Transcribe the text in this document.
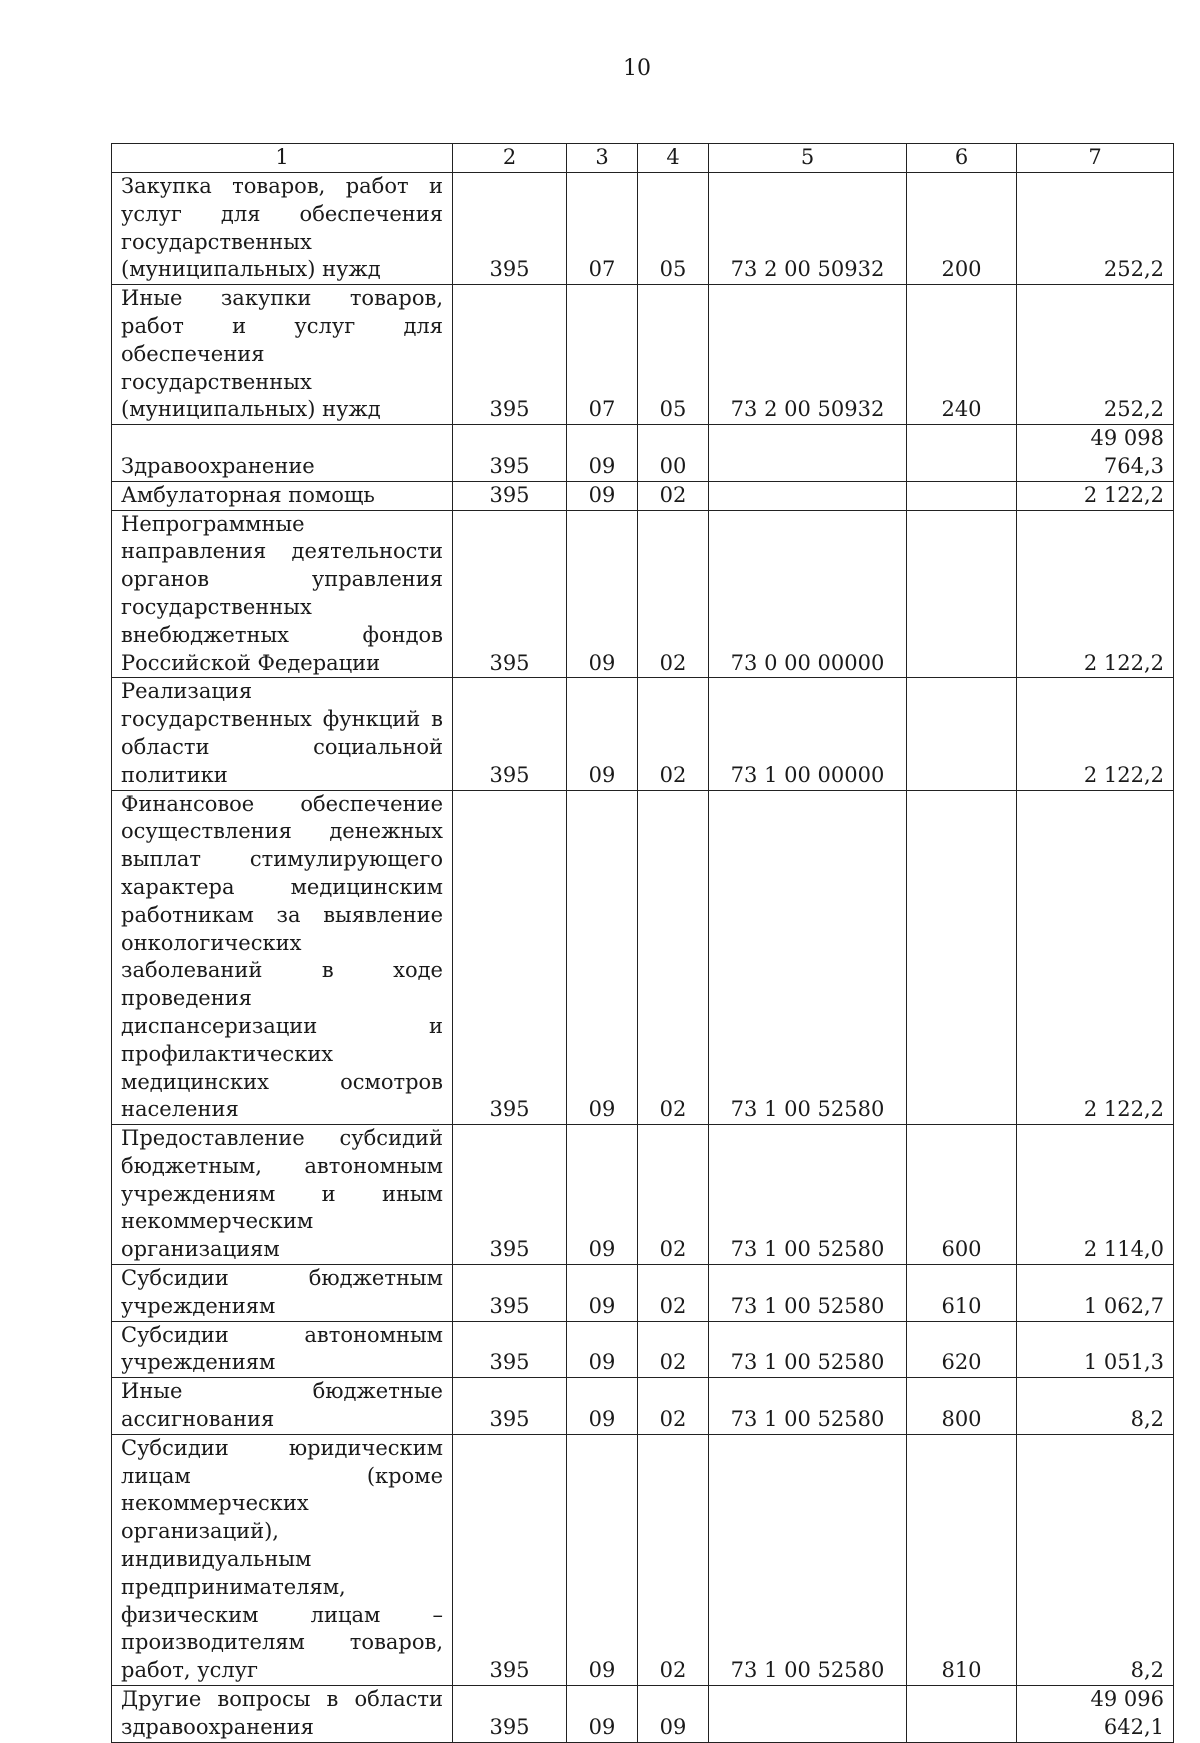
10
1	2	3	4	5	6	7
Закупка товаров, работ и услуг для обеспечения государственных (муниципальных) нужд	395	07	05	73 2 00 50932	200	252,2
Иные закупки товаров, работ и услуг для обеспечения государственных (муниципальных) нужд	395	07	05	73 2 00 50932	240	252,2
Здравоохранение	395	09	00			49 098 764,3
Амбулаторная помощь	395	09	02			2 122,2
Непрограммные направления деятельности органов управления государственных внебюджетных фондов Российской Федерации	395	09	02	73 0 00 00000		2 122,2
Реализация государственных функций в области социальной политики	395	09	02	73 1 00 00000		2 122,2
Финансовое обеспечение осуществления денежных выплат стимулирующего характера медицинским работникам за выявление онкологических заболеваний в ходе проведения диспансеризации и профилактических медицинских осмотров населения	395	09	02	73 1 00 52580		2 122,2
Предоставление субсидий бюджетным, автономным учреждениям и иным некоммерческим организациям	395	09	02	73 1 00 52580	600	2 114,0
Субсидии бюджетным учреждениям	395	09	02	73 1 00 52580	610	1 062,7
Субсидии автономным учреждениям	395	09	02	73 1 00 52580	620	1 051,3
Иные бюджетные ассигнования	395	09	02	73 1 00 52580	800	8,2
Субсидии юридическим лицам (кроме некоммерческих организаций), индивидуальным предпринимателям, физическим лицам – производителям товаров, работ, услуг	395	09	02	73 1 00 52580	810	8,2
Другие вопросы в области здравоохранения	395	09	09			49 096 642,1
